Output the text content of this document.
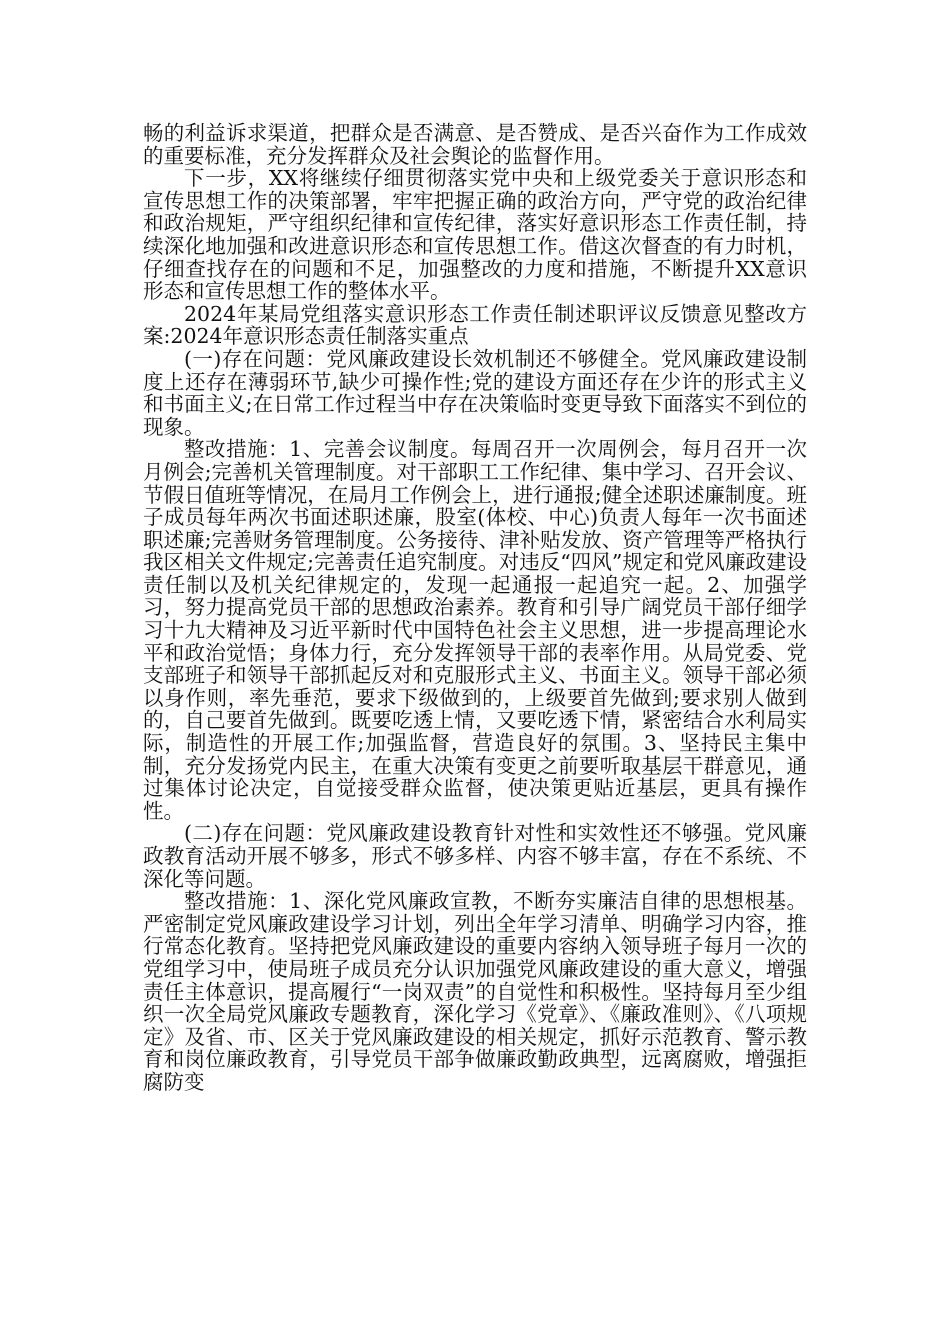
畅的利益诉求渠道，把群众是否满意、是否赞成、是否兴奋作为工作成效的重要标准，充分发挥群众及社会舆论的监督作用。

下一步，XX将继续仔细贯彻落实党中央和上级党委关于意识形态和宣传思想工作的决策部署，牢牢把握正确的政治方向，严守党的政治纪律和政治规矩，严守组织纪律和宣传纪律，落实好意识形态工作责任制，持续深化地加强和改进意识形态和宣传思想工作。借这次督查的有力时机，仔细查找存在的问题和不足，加强整改的力度和措施，不断提升XX意识形态和宣传思想工作的整体水平。

2024年某局党组落实意识形态工作责任制述职评议反馈意见整改方案:2024年意识形态责任制落实重点

(一)存在问题：党风廉政建设长效机制还不够健全。党风廉政建设制度上还存在薄弱环节,缺少可操作性;党的建设方面还存在少许的形式主义和书面主义;在日常工作过程当中存在决策临时变更导致下面落实不到位的现象。

整改措施：1、完善会议制度。每周召开一次周例会，每月召开一次月例会;完善机关管理制度。对干部职工工作纪律、集中学习、召开会议、节假日值班等情况，在局月工作例会上，进行通报;健全述职述廉制度。班子成员每年两次书面述职述廉，股室(体校、中心)负责人每年一次书面述职述廉;完善财务管理制度。公务接待、津补贴发放、资产管理等严格执行我区相关文件规定;完善责任追究制度。对违反“四风”规定和党风廉政建设责任制以及机关纪律规定的，发现一起通报一起追究一起。2、加强学习，努力提高党员干部的思想政治素养。教育和引导广阔党员干部仔细学习十九大精神及习近平新时代中国特色社会主义思想，进一步提高理论水平和政治觉悟；身体力行，充分发挥领导干部的表率作用。从局党委、党支部班子和领导干部抓起反对和克服形式主义、书面主义。领导干部必须以身作则，率先垂范，要求下级做到的，上级要首先做到;要求别人做到的，自己要首先做到。既要吃透上情，又要吃透下情，紧密结合水利局实际，制造性的开展工作;加强监督，营造良好的氛围。3、坚持民主集中制，充分发扬党内民主，在重大决策有变更之前要听取基层干群意见，通过集体讨论决定，自觉接受群众监督，使决策更贴近基层，更具有操作性。

(二)存在问题：党风廉政建设教育针对性和实效性还不够强。党风廉政教育活动开展不够多，形式不够多样、内容不够丰富，存在不系统、不深化等问题。

整改措施：1、深化党风廉政宣教，不断夯实廉洁自律的思想根基。严密制定党风廉政建设学习计划，列出全年学习清单、明确学习内容，推行常态化教育。坚持把党风廉政建设的重要内容纳入领导班子每月一次的党组学习中，使局班子成员充分认识加强党风廉政建设的重大意义，增强责任主体意识，提高履行“一岗双责”的自觉性和积极性。坚持每月至少组织一次全局党风廉政专题教育，深化学习《党章》、《廉政准则》、《八项规定》及省、市、区关于党风廉政建设的相关规定，抓好示范教育、警示教育和岗位廉政教育，引导党员干部争做廉政勤政典型，远离腐败，增强拒腐防变
